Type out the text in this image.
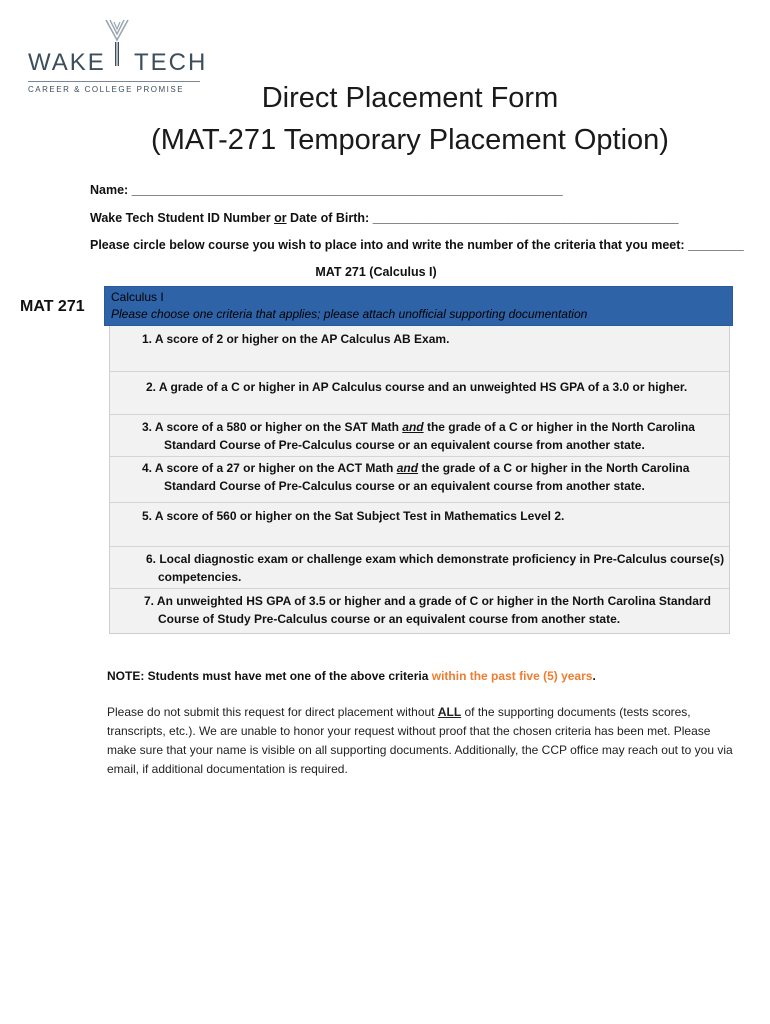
WAKE TECH
CAREER & COLLEGE PROMISE	Direct Placement Form
(MAT-271 Temporary Placement Option)
Name: ______________________________________________________________
Wake Tech Student ID Number or Date of Birth: ____________________________________________
Please circle below course you wish to place into and write the number of the criteria that you meet: ________
MAT 271 (Calculus I)
MAT 271
Calculus I
Please choose one criteria that applies; please attach unofficial supporting documentation
1. A score of 2 or higher on the AP Calculus AB Exam.
2. A grade of a C or higher in AP Calculus course and an unweighted HS GPA of a 3.0 or higher.
3. A score of a 580 or higher on the SAT Math and the grade of a C or higher in the North Carolina
Standard Course of Pre-Calculus course or an equivalent course from another state.
4. A score of a 27 or higher on the ACT Math and the grade of a C or higher in the North Carolina
Standard Course of Pre-Calculus course or an equivalent course from another state.
5. A score of 560 or higher on the Sat Subject Test in Mathematics Level 2.
6. Local diagnostic exam or challenge exam which demonstrate proficiency in Pre-Calculus course(s)
competencies.
7. An unweighted HS GPA of 3.5 or higher and a grade of C or higher in the North Carolina Standard
Course of Study Pre-Calculus course or an equivalent course from another state.
NOTE: Students must have met one of the above criteria within the past five (5) years.
Please do not submit this request for direct placement without ALL of the supporting documents (tests scores, transcripts, etc.). We are unable to honor your request without proof that the chosen criteria has been met. Please make sure that your name is visible on all supporting documents. Additionally, the CCP office may reach out to you via email, if additional documentation is required.
